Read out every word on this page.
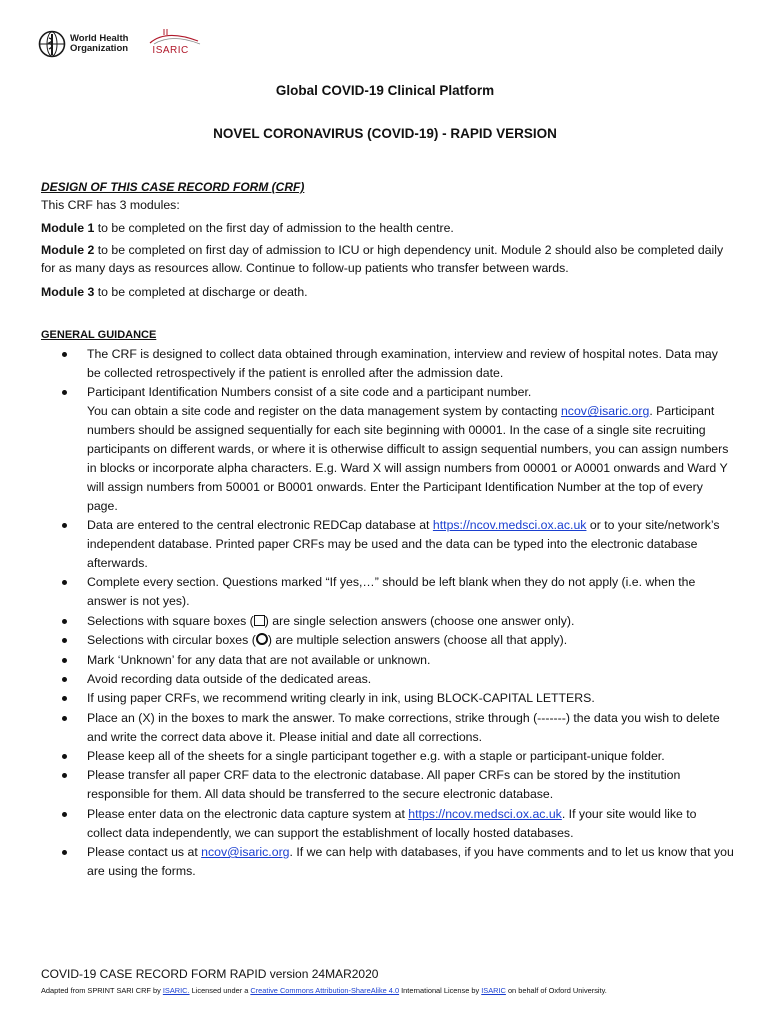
World Health
Organization ISARIC
Global COVID-19 Clinical Platform
NOVEL CORONAVIRUS (COVID-19) - RAPID VERSION
DESIGN OF THIS CASE RECORD FORM (CRF)
This CRF has 3 modules:
Module 1 to be completed on the first day of admission to the health centre.
Module 2 to be completed on first day of admission to ICU or high dependency unit. Module 2 should also be completed daily for as many days as resources allow. Continue to follow-up patients who transfer between wards.
Module 3 to be completed at discharge or death.
GENERAL GUIDANCE
The CRF is designed to collect data obtained through examination, interview and review of hospital notes. Data may be collected retrospectively if the patient is enrolled after the admission date.
Participant Identification Numbers consist of a site code and a participant number.
You can obtain a site code and register on the data management system by contacting ncov@isaric.org. Participant numbers should be assigned sequentially for each site beginning with 00001. In the case of a single site recruiting participants on different wards, or where it is otherwise difficult to assign sequential numbers, you can assign numbers in blocks or incorporate alpha characters. E.g. Ward X will assign numbers from 00001 or A0001 onwards and Ward Y will assign numbers from 50001 or B0001 onwards. Enter the Participant Identification Number at the top of every page.
Data are entered to the central electronic REDCap database at https://ncov.medsci.ox.ac.uk or to your site/network’s independent database. Printed paper CRFs may be used and the data can be typed into the electronic database afterwards.
Complete every section. Questions marked “If yes,…” should be left blank when they do not apply (i.e. when the answer is not yes).
Selections with square boxes ( ) are single selection answers (choose one answer only).
Selections with circular boxes ( ) are multiple selection answers (choose all that apply).
Mark ‘Unknown’ for any data that are not available or unknown.
Avoid recording data outside of the dedicated areas.
If using paper CRFs, we recommend writing clearly in ink, using BLOCK-CAPITAL LETTERS.
Place an (X) in the boxes to mark the answer. To make corrections, strike through (-------) the data you wish to delete and write the correct data above it. Please initial and date all corrections.
Please keep all of the sheets for a single participant together e.g. with a staple or participant-unique folder.
Please transfer all paper CRF data to the electronic database. All paper CRFs can be stored by the institution responsible for them. All data should be transferred to the secure electronic database.
Please enter data on the electronic data capture system at https://ncov.medsci.ox.ac.uk. If your site would like to collect data independently, we can support the establishment of locally hosted databases.
Please contact us at ncov@isaric.org. If we can help with databases, if you have comments and to let us know that you are using the forms.
COVID-19 CASE RECORD FORM RAPID version 24MAR2020
Adapted from SPRINT SARI CRF by ISARIC. Licensed under a Creative Commons Attribution-ShareAlike 4.0 International License by ISARIC on behalf of Oxford University.
